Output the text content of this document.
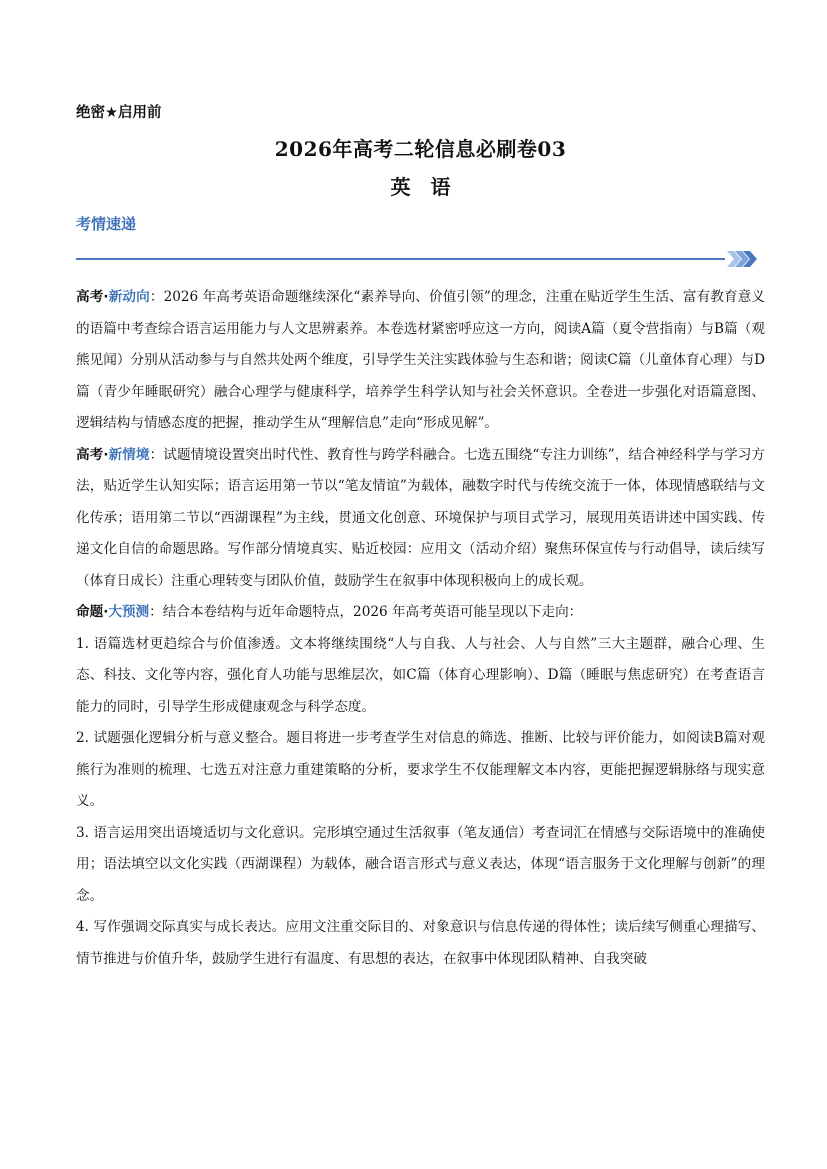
绝密★启用前

2026年高考二轮信息必刷卷03
英　语
考情速递

高考·新动向：2026 年高考英语命题继续深化“素养导向、价值引领”的理念，注重在贴近学生生活、富有教育意义的语篇中考查综合语言运用能力与人文思辨素养。本卷选材紧密呼应这一方向，阅读A篇（夏令营指南）与B篇（观熊见闻）分别从活动参与与自然共处两个维度，引导学生关注实践体验与生态和谐；阅读C篇（儿童体育心理）与D篇（青少年睡眠研究）融合心理学与健康科学，培养学生科学认知与社会关怀意识。全卷进一步强化对语篇意图、逻辑结构与情感态度的把握，推动学生从“理解信息”走向“形成见解”。

高考·新情境：试题情境设置突出时代性、教育性与跨学科融合。七选五围绕“专注力训练”，结合神经科学与学习方法，贴近学生认知实际；语言运用第一节以“笔友情谊”为载体，融数字时代与传统交流于一体，体现情感联结与文化传承；语用第二节以“西湖课程”为主线，贯通文化创意、环境保护与项目式学习，展现用英语讲述中国实践、传递文化自信的命题思路。写作部分情境真实、贴近校园：应用文（活动介绍）聚焦环保宣传与行动倡导，读后续写（体育日成长）注重心理转变与团队价值，鼓励学生在叙事中体现积极向上的成长观。

命题·大预测：结合本卷结构与近年命题特点，2026 年高考英语可能呈现以下走向：

1. 语篇选材更趋综合与价值渗透。文本将继续围绕“人与自我、人与社会、人与自然”三大主题群，融合心理、生态、科技、文化等内容，强化育人功能与思维层次，如C篇（体育心理影响）、D篇（睡眠与焦虑研究）在考查语言能力的同时，引导学生形成健康观念与科学态度。

2. 试题强化逻辑分析与意义整合。题目将进一步考查学生对信息的筛选、推断、比较与评价能力，如阅读B篇对观熊行为准则的梳理、七选五对注意力重建策略的分析，要求学生不仅能理解文本内容，更能把握逻辑脉络与现实意义。

3. 语言运用突出语境适切与文化意识。完形填空通过生活叙事（笔友通信）考查词汇在情感与交际语境中的准确使用；语法填空以文化实践（西湖课程）为载体，融合语言形式与意义表达，体现“语言服务于文化理解与创新”的理念。

4. 写作强调交际真实与成长表达。应用文注重交际目的、对象意识与信息传递的得体性；读后续写侧重心理描写、情节推进与价值升华，鼓励学生进行有温度、有思想的表达，在叙事中体现团队精神、自我突破
